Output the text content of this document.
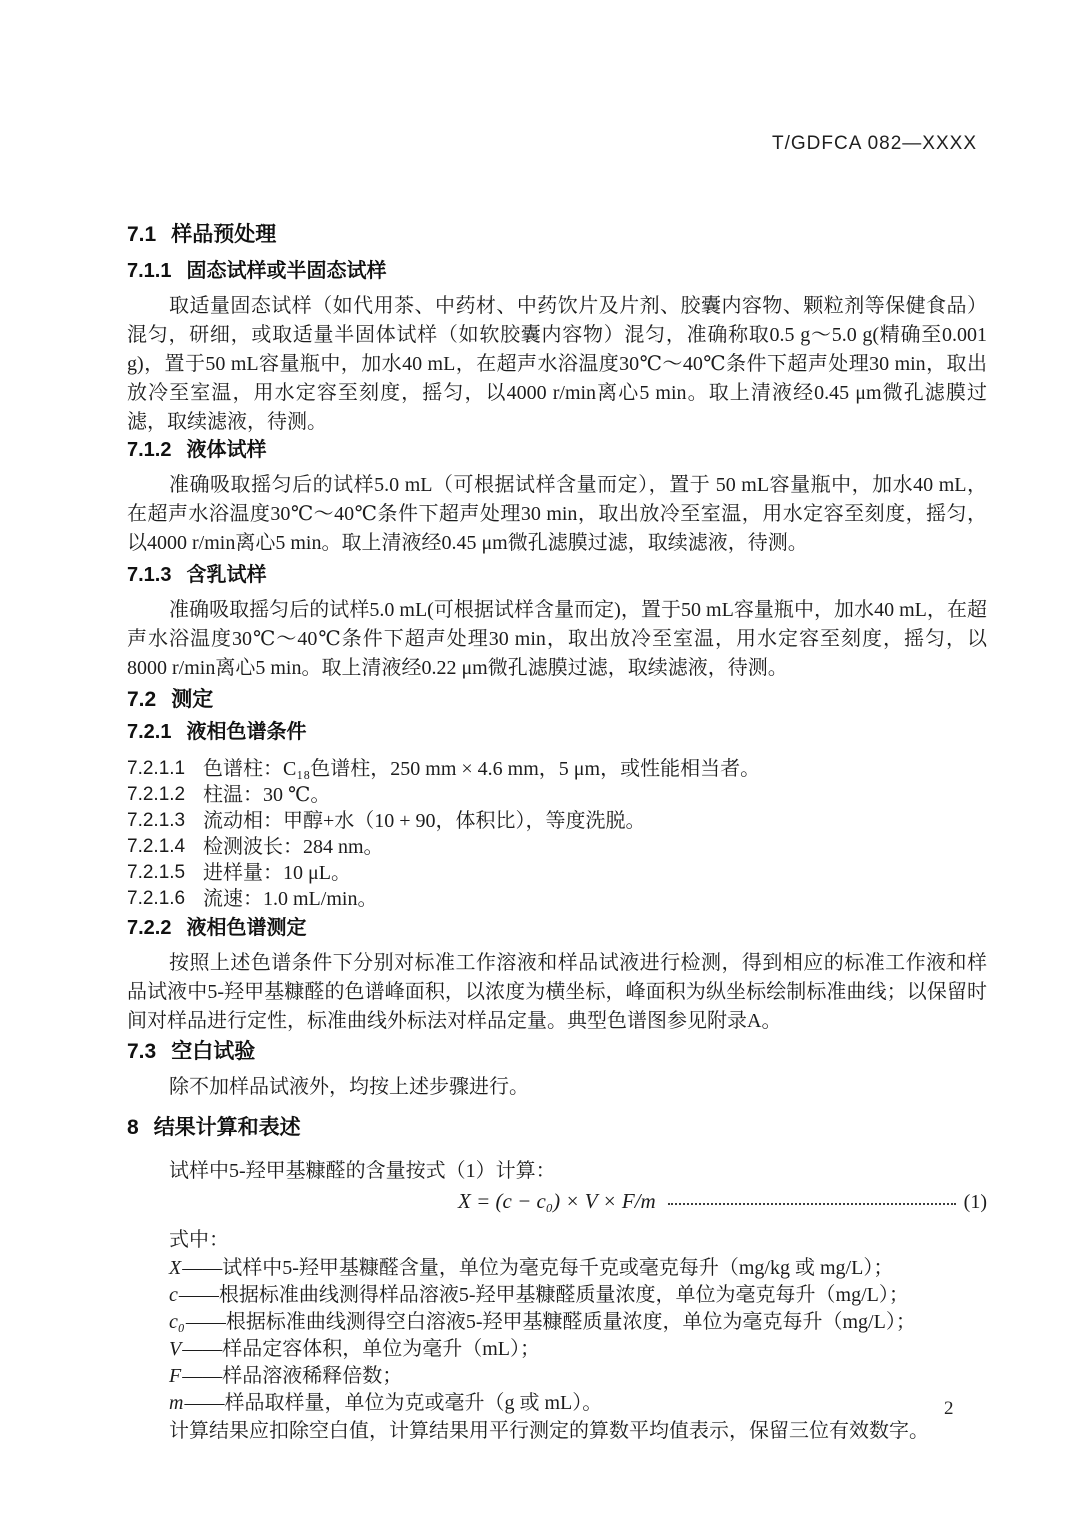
T/GDFCA 082—XXXX
7.1 样品预处理
7.1.1 固态试样或半固态试样

取适量固态试样（如代用茶、中药材、中药饮片及片剂、胶囊内容物、颗粒剂等保健食品）混匀，研细，或取适量半固体试样（如软胶囊内容物）混匀，准确称取0.5 g～5.0 g(精确至0.001 g)，置于50 mL容量瓶中，加水40 mL，在超声水浴温度30℃～40℃条件下超声处理30 min，取出放冷至室温，用水定容至刻度，摇匀，以4000 r/min离心5 min。取上清液经0.45 μm微孔滤膜过滤，取续滤液，待测。

7.1.2 液体试样

准确吸取摇匀后的试样5.0 mL（可根据试样含量而定），置于 50 mL容量瓶中，加水40 mL，在超声水浴温度30℃～40℃条件下超声处理30 min，取出放冷至室温，用水定容至刻度，摇匀，以4000 r/min离心5 min。取上清液经0.45 μm微孔滤膜过滤，取续滤液，待测。

7.1.3 含乳试样

准确吸取摇匀后的试样5.0 mL(可根据试样含量而定)，置于50 mL容量瓶中，加水40 mL，在超声水浴温度30℃～40℃条件下超声处理30 min，取出放冷至室温，用水定容至刻度，摇匀，以8000 r/min离心5 min。取上清液经0.22 μm微孔滤膜过滤，取续滤液，待测。

7.2 测定
7.2.1 液相色谱条件
7.2.1.1 色谱柱：C₁₈色谱柱，250 mm × 4.6 mm，5 μm，或性能相当者。
7.2.1.2 柱温：30 ℃。
7.2.1.3 流动相：甲醇+水（10 + 90，体积比），等度洗脱。
7.2.1.4 检测波长：284 nm。
7.2.1.5 进样量：10 μL。
7.2.1.6 流速：1.0 mL/min。
7.2.2 液相色谱测定

按照上述色谱条件下分别对标准工作溶液和样品试液进行检测，得到相应的标准工作液和样品试液中5-羟甲基糠醛的色谱峰面积，以浓度为横坐标，峰面积为纵坐标绘制标准曲线；以保留时间对样品进行定性，标准曲线外标法对样品定量。典型色谱图参见附录A。

7.3 空白试验

除不加样品试液外，均按上述步骤进行。

8 结果计算和表述

试样中5-羟甲基糠醛的含量按式（1）计算：

X = (c − c₀) × V × F/m	(1)

式中：

X——试样中5-羟甲基糠醛含量，单位为毫克每千克或毫克每升（mg/kg 或 mg/L）；
c——根据标准曲线测得样品溶液5-羟甲基糠醛质量浓度，单位为毫克每升（mg/L）；
c₀——根据标准曲线测得空白溶液5-羟甲基糠醛质量浓度，单位为毫克每升（mg/L）；
V——样品定容体积，单位为毫升（mL）；
F——样品溶液稀释倍数；
m——样品取样量，单位为克或毫升（g 或 mL）。

计算结果应扣除空白值，计算结果用平行测定的算数平均值表示，保留三位有效数字。

2
